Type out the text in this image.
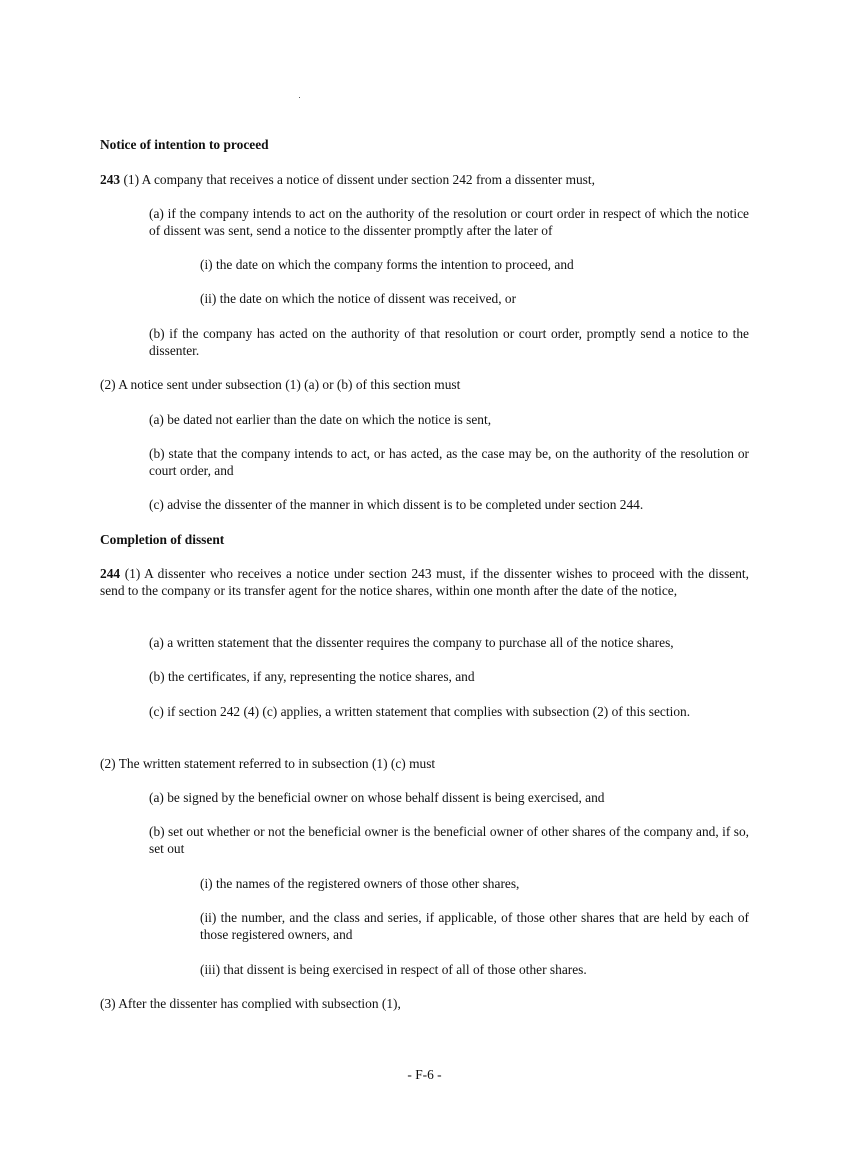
Notice of intention to proceed

243 (1) A company that receives a notice of dissent under section 242 from a dissenter must,

(a) if the company intends to act on the authority of the resolution or court order in respect of which the notice of dissent was sent, send a notice to the dissenter promptly after the later of

(i) the date on which the company forms the intention to proceed, and

(ii) the date on which the notice of dissent was received, or

(b) if the company has acted on the authority of that resolution or court order, promptly send a notice to the dissenter.

(2) A notice sent under subsection (1) (a) or (b) of this section must

(a) be dated not earlier than the date on which the notice is sent,

(b) state that the company intends to act, or has acted, as the case may be, on the authority of the resolution or court order, and

(c) advise the dissenter of the manner in which dissent is to be completed under section 244.

Completion of dissent

244 (1) A dissenter who receives a notice under section 243 must, if the dissenter wishes to proceed with the dissent, send to the company or its transfer agent for the notice shares, within one month after the date of the notice,

(a) a written statement that the dissenter requires the company to purchase all of the notice shares,

(b) the certificates, if any, representing the notice shares, and

(c) if section 242 (4) (c) applies, a written statement that complies with subsection (2) of this section.

(2) The written statement referred to in subsection (1) (c) must

(a) be signed by the beneficial owner on whose behalf dissent is being exercised, and

(b) set out whether or not the beneficial owner is the beneficial owner of other shares of the company and, if so, set out

(i) the names of the registered owners of those other shares,

(ii) the number, and the class and series, if applicable, of those other shares that are held by each of those registered owners, and

(iii) that dissent is being exercised in respect of all of those other shares.

(3) After the dissenter has complied with subsection (1),

- F-6 -
